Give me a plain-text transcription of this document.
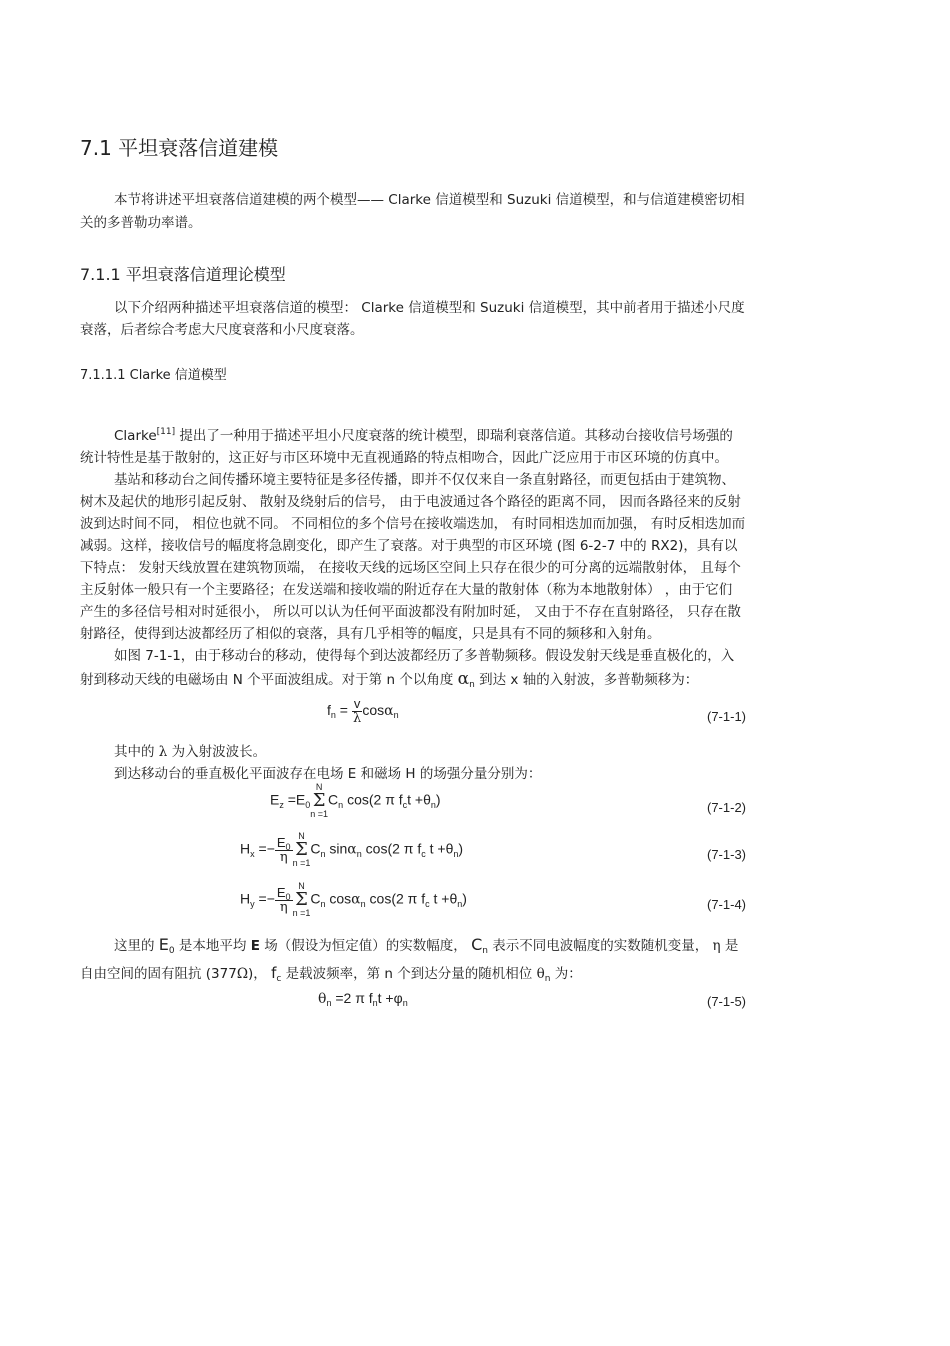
7.1 平坦衰落信道建模
本节将讲述平坦衰落信道建模的两个模型—— Clarke 信道模型和 Suzuki 信道模型，和与信道建模密切相
关的多普勒功率谱。
7.1.1 平坦衰落信道理论模型
以下介绍两种描述平坦衰落信道的模型： Clarke 信道模型和 Suzuki 信道模型，其中前者用于描述小尺度
衰落，后者综合考虑大尺度衰落和小尺度衰落。
7.1.1.1 Clarke 信道模型
Clarke[11] 提出了一种用于描述平坦小尺度衰落的统计模型，即瑞利衰落信道。其移动台接收信号场强的
统计特性是基于散射的，这正好与市区环境中无直视通路的特点相吻合，因此广泛应用于市区环境的仿真中。
基站和移动台之间传播环境主要特征是多径传播，即并不仅仅来自一条直射路径，而更包括由于建筑物、
树木及起伏的地形引起反射、 散射及绕射后的信号， 由于电波通过各个路径的距离不同， 因而各路径来的反射
波到达时间不同， 相位也就不同。 不同相位的多个信号在接收端迭加， 有时同相迭加而加强， 有时反相迭加而
减弱。这样，接收信号的幅度将急剧变化，即产生了衰落。对于典型的市区环境 (图 6-2-7 中的 RX2)，具有以
下特点： 发射天线放置在建筑物顶端， 在接收天线的远场区空间上只存在很少的可分离的远端散射体， 且每个
主反射体一般只有一个主要路径；在发送端和接收端的附近存在大量的散射体（称为本地散射体） ，由于它们
产生的多径信号相对时延很小， 所以可以认为任何平面波都没有附加时延， 又由于不存在直射路径， 只存在散
射路径，使得到达波都经历了相似的衰落，具有几乎相等的幅度，只是具有不同的频移和入射角。
如图 7-1-1，由于移动台的移动，使得每个到达波都经历了多普勒频移。假设发射天线是垂直极化的，入
射到移动天线的电磁场由 N 个平面波组成。对于第 n 个以角度 $\alpha_n$ 到达 x 轴的入射波，多普勒频移为：
$f_n = \frac{v}{\lambda} \cos\alpha_n$	(7-1-1)
其中的 λ 为入射波波长。
到达移动台的垂直极化平面波存在电场 E 和磁场 H 的场强分量分别为：
$E_z =E_0$
N
Σ
n =1
$C_n$ cos(2 π $f_ct +\theta_n$)	(7-1-2)
$H_x =- \frac{E_0}{\eta}$ N
Σ
n =1
$C_n$ sinα$_n$ cos(2 π $f_c$ $t +\theta_n$)	(7-1-3)
$H_y =- \frac{E_0}{\eta}$ N
Σ
n =1
$C_n$ cosα$_n$ cos(2 π $f_c$ $t +\theta_n$)	(7-1-4)
这里的 $E_0$ 是本地平均 E 场（假设为恒定值）的实数幅度， $C_n$ 表示不同电波幅度的实数随机变量， η 是
自由空间的固有阻抗 (377Ω)， $f_c$ 是载波频率，第 n 个到达分量的随机相位 $\theta_n$ 为：
$\theta_n =2$ π $f_nt +\varphi_n$	(7-1-5)
